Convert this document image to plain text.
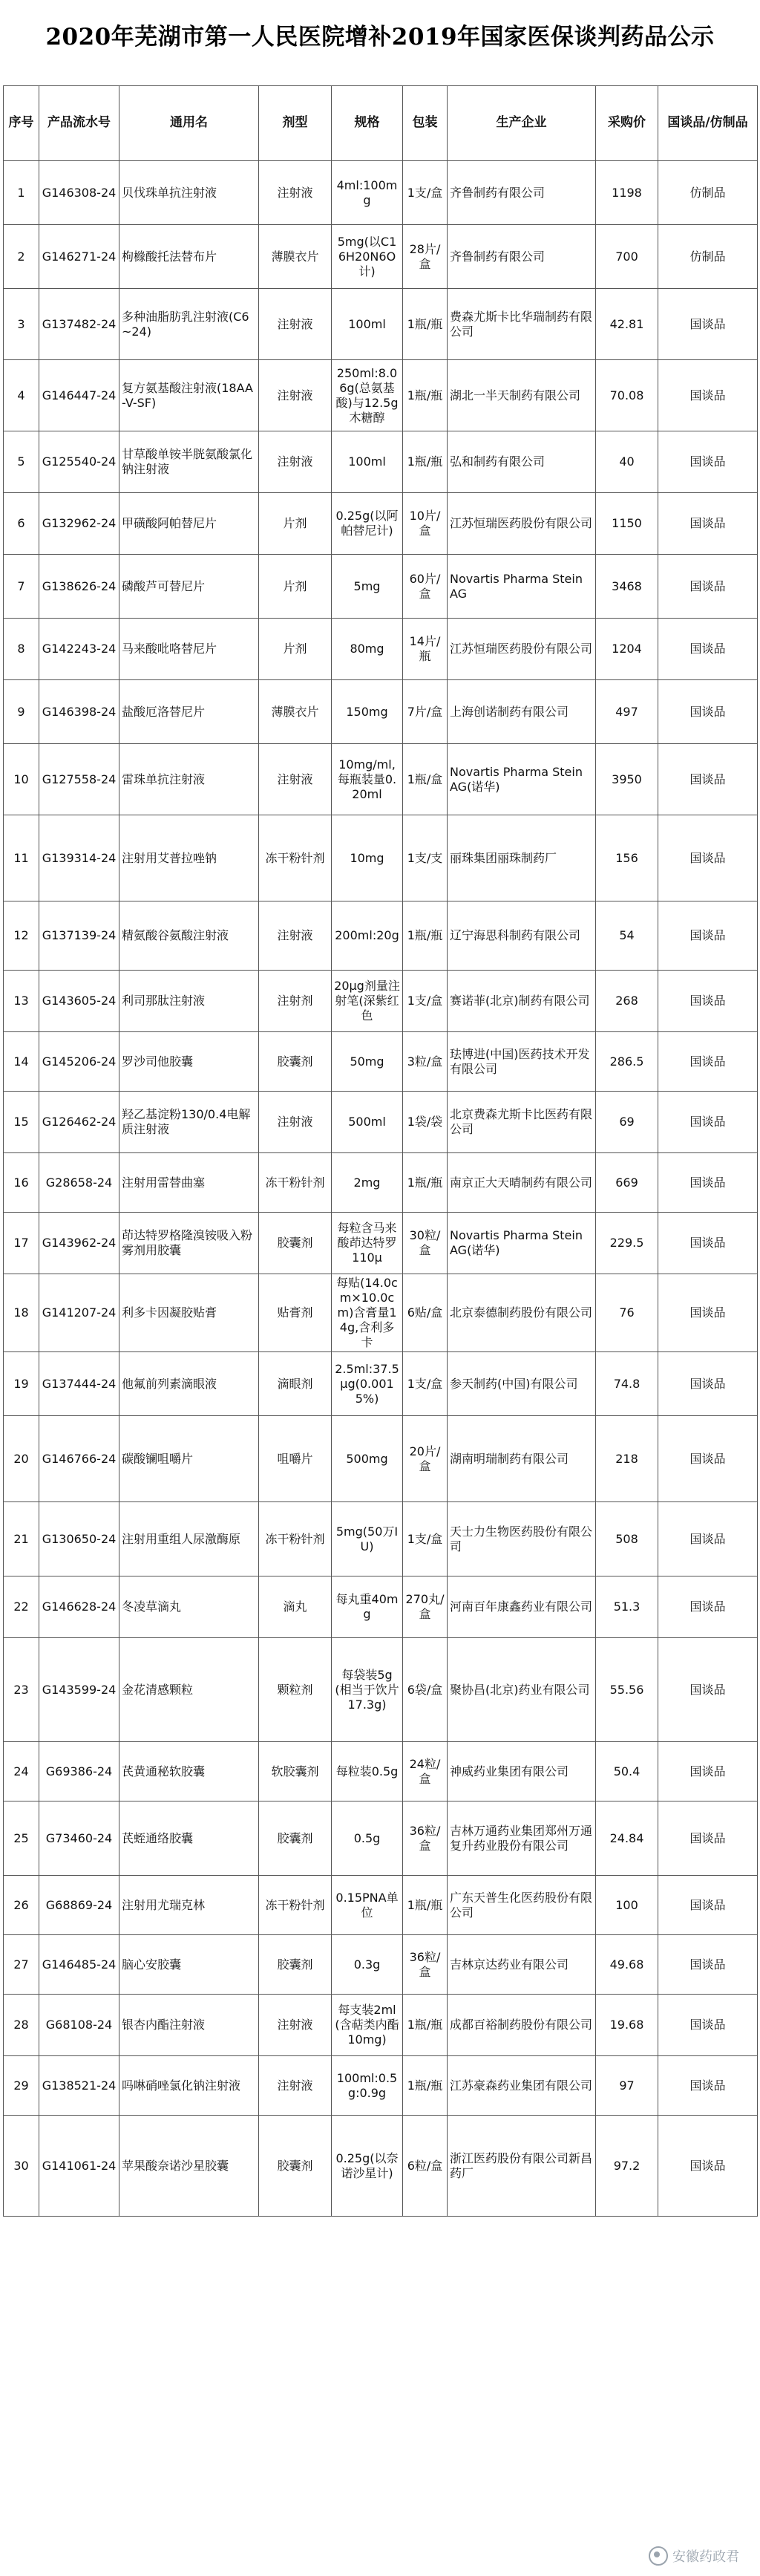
2020年芜湖市第一人民医院增补2019年国家医保谈判药品公示
序号	产品流水号	通用名	剂型	规格	包装	生产企业	采购价	国谈品/仿制品
1	G146308-24	贝伐珠单抗注射液	注射液	4ml:100mg	1支/盒	齐鲁制药有限公司	1198	仿制品
2	G146271-24	枸橼酸托法替布片	薄膜衣片	5mg(以C16H20N6O计)	28片/盒	齐鲁制药有限公司	700	仿制品
3	G137482-24	多种油脂肪乳注射液(C6~24)	注射液	100ml	1瓶/瓶	费森尤斯卡比华瑞制药有限公司	42.81	国谈品
4	G146447-24	复方氨基酸注射液(18AA-V-SF)	注射液	250ml:8.06g(总氨基酸)与12.5g木糖醇	1瓶/瓶	湖北一半天制药有限公司	70.08	国谈品
5	G125540-24	甘草酸单铵半胱氨酸氯化钠注射液	注射液	100ml	1瓶/瓶	弘和制药有限公司	40	国谈品
6	G132962-24	甲磺酸阿帕替尼片	片剂	0.25g(以阿帕替尼计)	10片/盒	江苏恒瑞医药股份有限公司	1150	国谈品
7	G138626-24	磷酸芦可替尼片	片剂	5mg	60片/盒	Novartis Pharma Stein AG	3468	国谈品
8	G142243-24	马来酸吡咯替尼片	片剂	80mg	14片/瓶	江苏恒瑞医药股份有限公司	1204	国谈品
9	G146398-24	盐酸厄洛替尼片	薄膜衣片	150mg	7片/盒	上海创诺制药有限公司	497	国谈品
10	G127558-24	雷珠单抗注射液	注射液	10mg/ml,每瓶装量0.20ml	1瓶/盒	Novartis Pharma Stein AG(诺华)	3950	国谈品
11	G139314-24	注射用艾普拉唑钠	冻干粉针剂	10mg	1支/支	丽珠集团丽珠制药厂	156	国谈品
12	G137139-24	精氨酸谷氨酸注射液	注射液	200ml:20g	1瓶/瓶	辽宁海思科制药有限公司	54	国谈品
13	G143605-24	利司那肽注射液	注射剂	20μg剂量注射笔(深紫红色	1支/盒	赛诺菲(北京)制药有限公司	268	国谈品
14	G145206-24	罗沙司他胶囊	胶囊剂	50mg	3粒/盒	珐博进(中国)医药技术开发有限公司	286.5	国谈品
15	G126462-24	羟乙基淀粉130/0.4电解质注射液	注射液	500ml	1袋/袋	北京费森尤斯卡比医药有限公司	69	国谈品
16	G28658-24	注射用雷替曲塞	冻干粉针剂	2mg	1瓶/瓶	南京正大天晴制药有限公司	669	国谈品
17	G143962-24	茚达特罗格隆溴铵吸入粉雾剂用胶囊	胶囊剂	每粒含马来酸茚达特罗110μ	30粒/盒	Novartis Pharma Stein AG(诺华)	229.5	国谈品
18	G141207-24	利多卡因凝胶贴膏	贴膏剂	每贴(14.0cm×10.0cm)含膏量14g,含利多卡	6贴/盒	北京泰德制药股份有限公司	76	国谈品
19	G137444-24	他氟前列素滴眼液	滴眼剂	2.5ml:37.5μg(0.0015%)	1支/盒	参天制药(中国)有限公司	74.8	国谈品
20	G146766-24	碳酸镧咀嚼片	咀嚼片	500mg	20片/盒	湖南明瑞制药有限公司	218	国谈品
21	G130650-24	注射用重组人尿激酶原	冻干粉针剂	5mg(50万IU)	1支/盒	天士力生物医药股份有限公司	508	国谈品
22	G146628-24	冬凌草滴丸	滴丸	每丸重40mg	270丸/盒	河南百年康鑫药业有限公司	51.3	国谈品
23	G143599-24	金花清感颗粒	颗粒剂	每袋装5g(相当于饮片17.3g)	6袋/盒	聚协昌(北京)药业有限公司	55.56	国谈品
24	G69386-24	芪黄通秘软胶囊	软胶囊剂	每粒装0.5g	24粒/盒	神威药业集团有限公司	50.4	国谈品
25	G73460-24	芪蛭通络胶囊	胶囊剂	0.5g	36粒/盒	吉林万通药业集团郑州万通复升药业股份有限公司	24.84	国谈品
26	G68869-24	注射用尤瑞克林	冻干粉针剂	0.15PNA单位	1瓶/瓶	广东天普生化医药股份有限公司	100	国谈品
27	G146485-24	脑心安胶囊	胶囊剂	0.3g	36粒/盒	吉林京达药业有限公司	49.68	国谈品
28	G68108-24	银杏内酯注射液	注射液	每支装2ml(含萜类内酯10mg)	1瓶/瓶	成都百裕制药股份有限公司	19.68	国谈品
29	G138521-24	吗啉硝唑氯化钠注射液	注射液	100ml:0.5g:0.9g	1瓶/瓶	江苏豪森药业集团有限公司	97	国谈品
30	G141061-24	苹果酸奈诺沙星胶囊	胶囊剂	0.25g(以奈诺沙星计)	6粒/盒	浙江医药股份有限公司新昌药厂	97.2	国谈品
安徽药政君
